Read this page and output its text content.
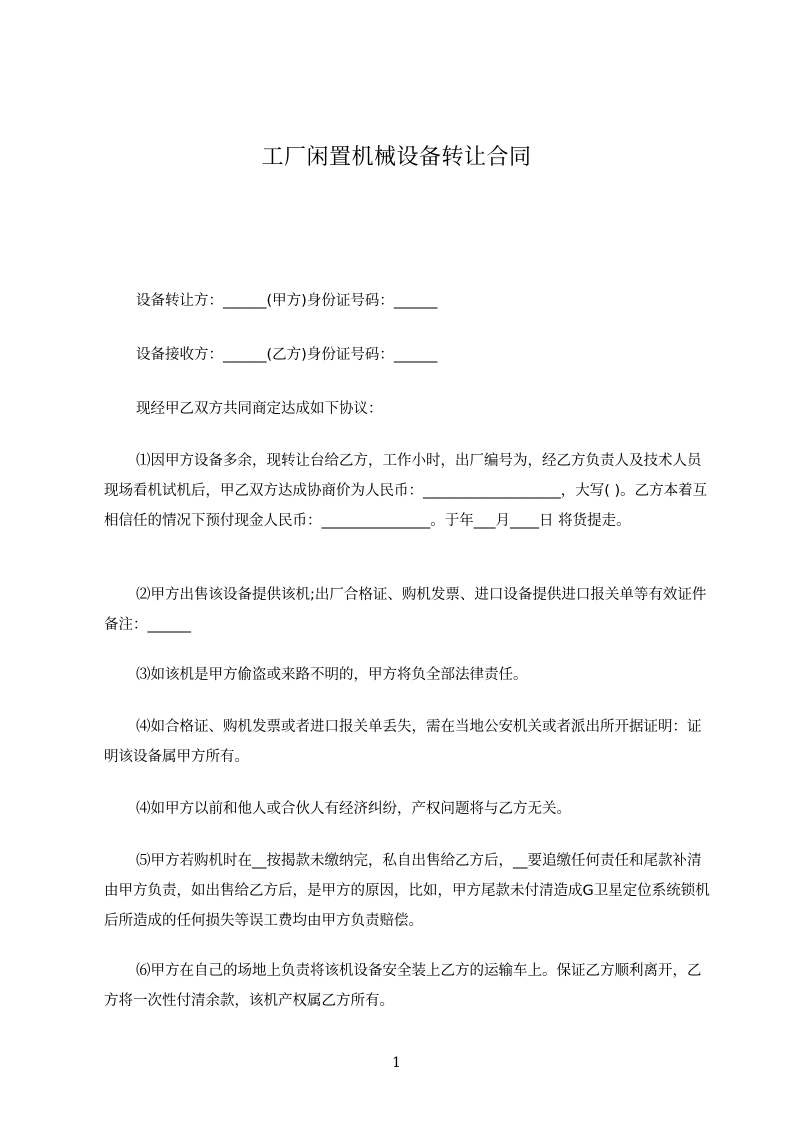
工厂闲置机械设备转让合同
设备转让方：______(甲方)身份证号码：______
设备接收方：______(乙方)身份证号码：______
现经甲乙双方共同商定达成如下协议：
⑴因甲方设备多余，现转让台给乙方，工作小时，出厂编号为，经乙方负责人及技术人员现场看机试机后，甲乙双方达成协商价为人民币：___________________，大写( )。乙方本着互相信任的情况下预付现金人民币：_______________。于年___月____日 将货提走。
⑵甲方出售该设备提供该机;出厂合格证、购机发票、进口设备提供进口报关单等有效证件 备注：______
⑶如该机是甲方偷盗或来路不明的，甲方将负全部法律责任。
⑷如合格证、购机发票或者进口报关单丢失，需在当地公安机关或者派出所开据证明：证明该设备属甲方所有。
⑷如甲方以前和他人或合伙人有经济纠纷，产权问题将与乙方无关。
⑸甲方若购机时在__按揭款未缴纳完，私自出售给乙方后，__要追缴任何责任和尾款补清由甲方负责，如出售给乙方后，是甲方的原因，比如，甲方尾款未付清造成G卫星定位系统锁机后所造成的任何损失等误工费均由甲方负责赔偿。
⑹甲方在自己的场地上负责将该机设备安全装上乙方的运输车上。保证乙方顺利离开，乙方将一次性付清余款，该机产权属乙方所有。
1
